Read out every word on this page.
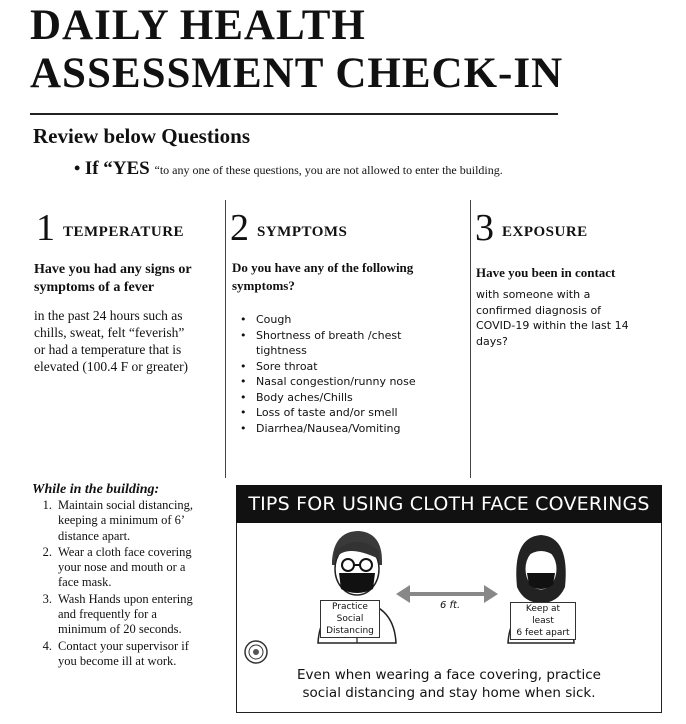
DAILY HEALTH
ASSESSMENT CHECK-IN
Review below Questions
• If “YES “to any one of these questions, you are not allowed to enter the building.
1 TEMPERATURE
Have you had any signs or
symptoms of a fever
in the past 24 hours such as
chills, sweat, felt “feverish”
or had a temperature that is
elevated (100.4 F or greater)
2 SYMPTOMS
Do you have any of the following
symptoms?
• Cough
• Shortness of breath /chest
tightness
• Sore throat
• Nasal congestion/runny nose
• Body aches/Chills
• Loss of taste and/or smell
• Diarrhea/Nausea/Vomiting
3 EXPOSURE
Have you been in contact
with someone with a
confirmed diagnosis of
COVID-19 within the last 14
days?
While in the building:
1. Maintain social distancing,
keeping a minimum of 6’
distance apart.
2. Wear a cloth face covering
your nose and mouth or a
face mask.
3. Wash Hands upon entering
and frequently for a
minimum of 20 seconds.
4. Contact your supervisor if
you become ill at work.
TIPS FOR USING CLOTH FACE COVERINGS
Practice
Social
Distancing
6 ft.	Keep at
least
6 feet apart
Even when wearing a face covering, practice
social distancing and stay home when sick.
